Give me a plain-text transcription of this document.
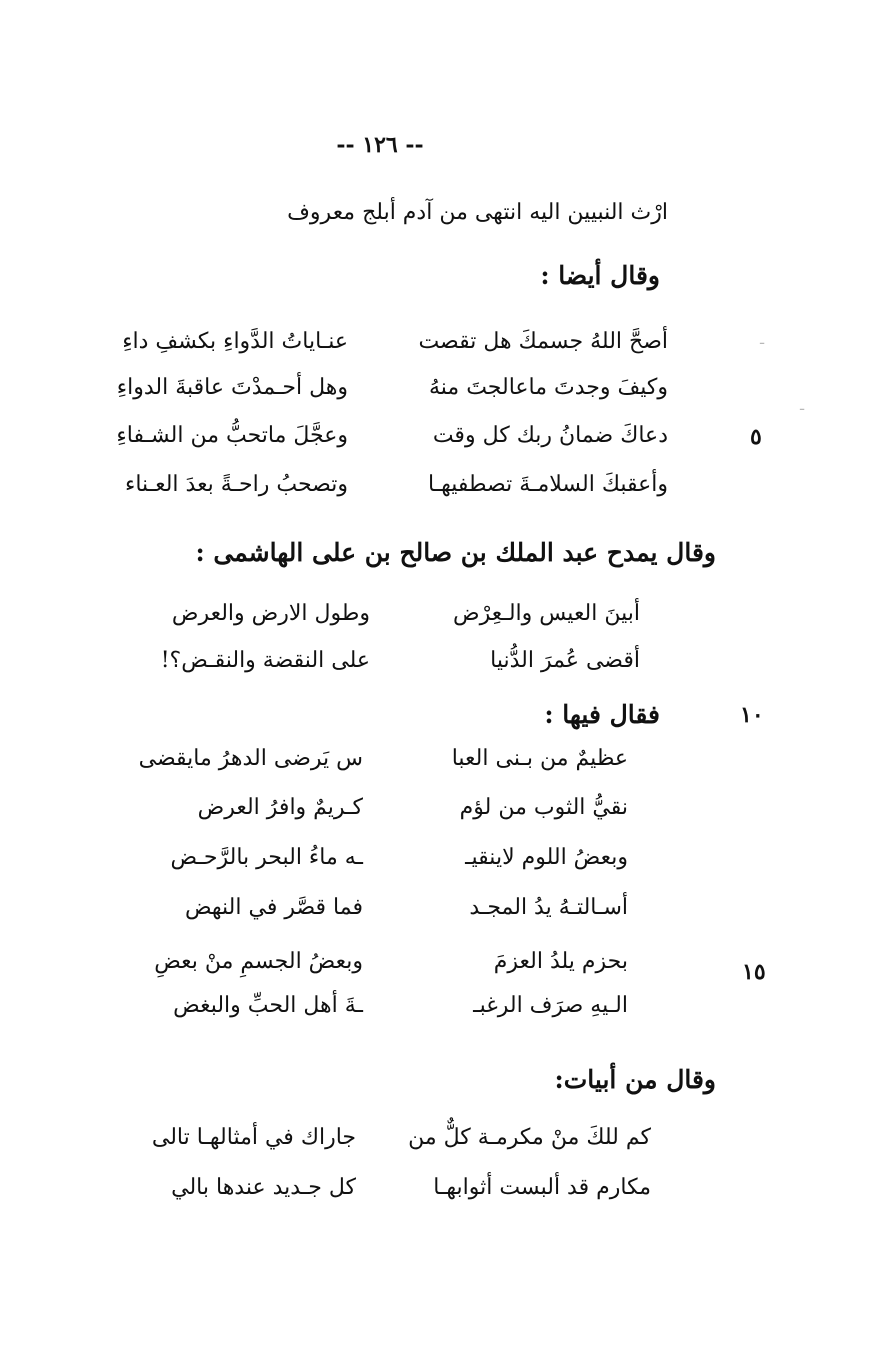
-- ١٢٦ --
ارْث النبيين اليه انتهى من آدم أبلج معروف
وقال أيضا :
أصحَّ اللهُ جسمكَ هل تقصت
عنـاياتُ الدَّواءِ بكشفِ داءِ
وكيفَ وجدتَ ماعالجتَ منهُ
وهل أحـمدْتَ عاقبةَ الدواءِ
دعاكَ ضمانُ ربك كل وقت
وعجَّلَ ماتحبُّ من الشـفاءِ
وأعقبكَ السلامـةَ تصطفيهـا
وتصحبُ راحـةً بعدَ العـناء
وقال يمدح عبد الملك بن صالح بن على الهاشمى :
أبينَ العيس والـعِرْض
وطول الارض والعرض
أقضى عُمرَ الدُّنيا
على النقضة والنقـض؟!
فقال فيها :
عظيمٌ من بـنى العبا
س يَرضى الدهرُ مايقضى
نقيُّ الثوب من لؤم
كـريمٌ وافرُ العرض
وبعضُ اللوم لاينقيـ
ـه ماءُ البحر بالرَّحـض
أسـالتـهُ يدُ المجـد
فما قصَّر في النهض
بحزم يلدُ العزمَ
وبعضُ الجسمِ منْ بعضِ
الـيهِ صرَف الرغبـ
ـةَ أهل الحبِّ والبغض
وقال من أبيات:
كم للكَ منْ مكرمـة كلٌّ من
جاراك في أمثالهـا تالى
مكارم قد ألبست أثوابهـا
كل جـديد عندها بالي
٥
١٠
١٥
ـ
ـ
